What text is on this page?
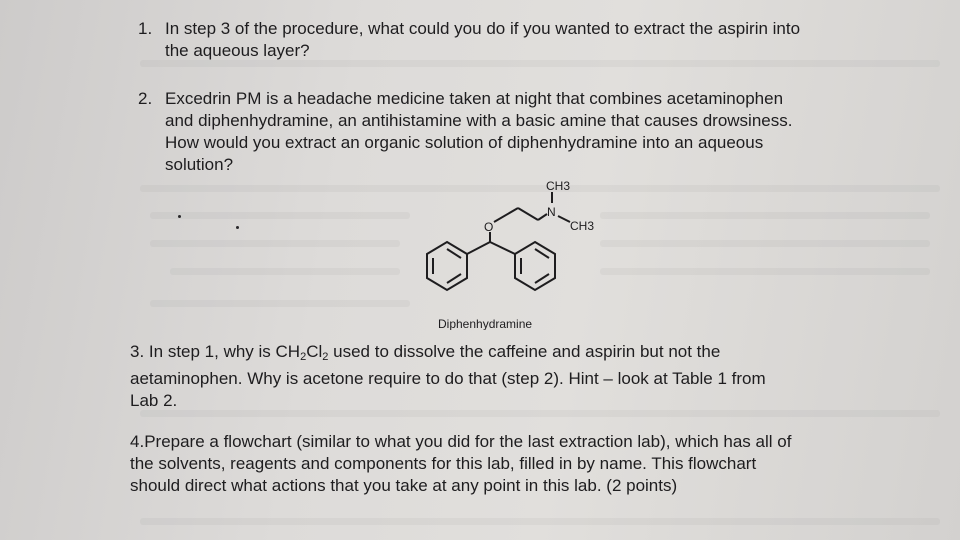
1. In step 3 of the procedure, what could you do if you wanted to extract the aspirin into

the aqueous layer?

2. Excedrin PM is a headache medicine taken at night that combines acetaminophen

and diphenhydramine, an antihistamine with a basic amine that causes drowsiness.

How would you extract an organic solution of diphenhydramine into an aqueous

solution?

O
N
CH3
CH3
Diphenhydramine

3. In step 1, why is $CH_2Cl_2$ used to dissolve the caffeine and aspirin but not the

aetaminophen. Why is acetone require to do that (step 2). Hint – look at Table 1 from

Lab 2.

4.Prepare a flowchart (similar to what you did for the last extraction lab), which has all of

the solvents, reagents and components for this lab, filled in by name. This flowchart

should direct what actions that you take at any point in this lab. (2 points)
